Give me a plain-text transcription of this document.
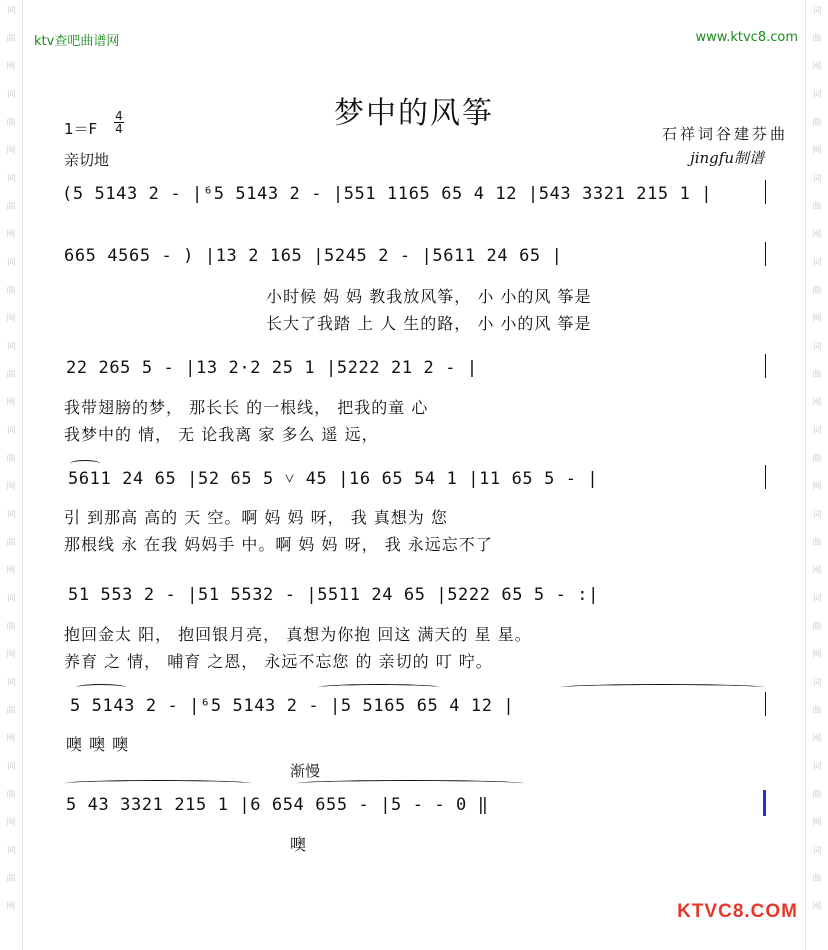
词
曲
网
词
曲
网
词
曲
网
词
曲
网
词
曲
网
词
曲
网
词
曲
网
词
曲
网
词
曲
网
词
曲
网
词
曲
网
词
曲
网
词
曲
网
词
曲
网
词
曲
网
词
曲
网
词
曲
网
词
曲
网
词
曲
网
词
曲
网
词
曲
网
词
曲
网
ktv查吧曲谱网	www.ktvc8.com
梦中的风筝
1＝F
4
4
亲切地
石祥词谷建芬曲
jingfu制谱
(5 5143 2 - |⁶5 5143 2 - |551 1165 65 4 12 |543 3321 215 1 |
665 4565 - ) |13 2 165 |5245 2 - |5611 24 65 |
小时候 妈 妈 教我放风筝， 小 小的风 筝是
长大了我踏 上 人 生的路， 小 小的风 筝是
22 265 5 - |13 2·2 25 1 |5222 21 2 - |
我带翅膀的梦， 那长长 的一根线， 把我的童 心
我梦中的 情， 无 论我离 家 多么 遥 远，
5611 24 65 |52 65 5 ˅ 45 |16 65 54 1 |11 65 5 - |
引 到那高 高的 天 空。啊 妈 妈 呀， 我 真想为 您
那根线 永 在我 妈妈手 中。啊 妈 妈 呀， 我 永远忘不了
51 553 2 - |51 5532 - |5511 24 65 |5222 65 5 - :|
抱回金太 阳， 抱回银月亮， 真想为你抱 回这 满天的 星 星。
养育 之 情， 哺育 之恩， 永远不忘您 的 亲切的 叮 咛。
5 5143 2 - |⁶5 5143 2 - |5 5165 65 4 12 |
噢 噢 噢
渐慢
5 43 3321 215 1 |6 654 655 - |5 - - 0 ‖
噢
KTVC8.COM
